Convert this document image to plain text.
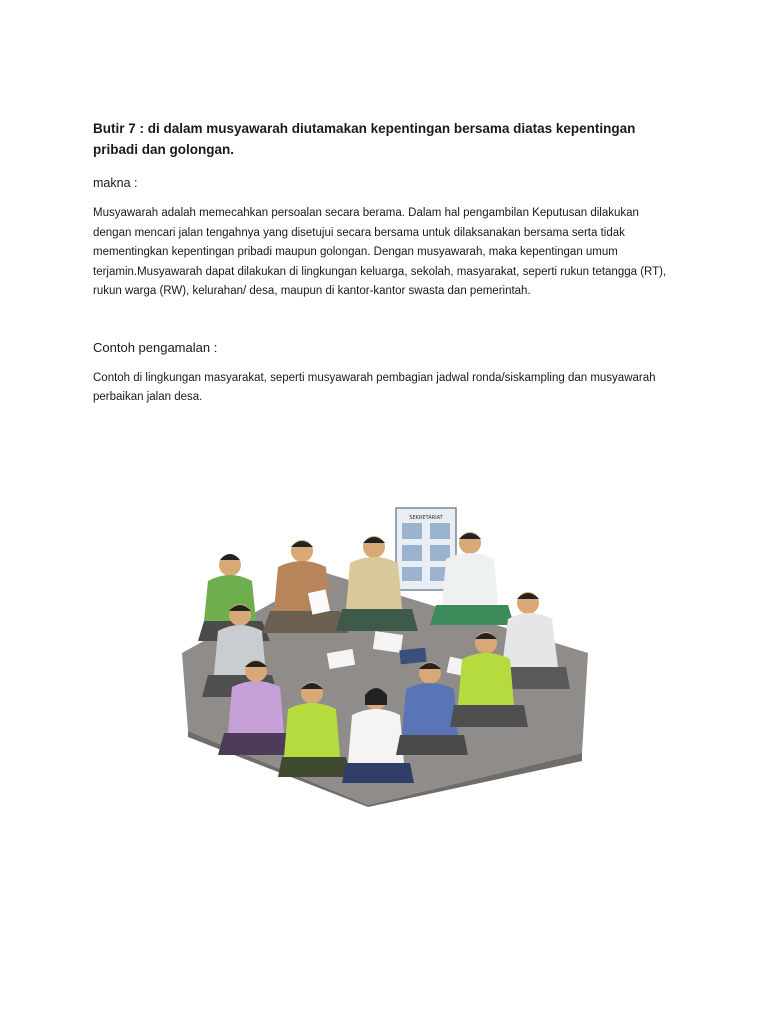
Butir 7 : di dalam musyawarah diutamakan kepentingan bersama diatas kepentingan pribadi dan golongan.

makna :

Musyawarah adalah memecahkan persoalan secara berama. Dalam hal pengambilan Keputusan dilakukan dengan mencari jalan tengahnya yang disetujui secara bersama untuk dilaksanakan bersama serta tidak mementingkan kepentingan pribadi maupun golongan. Dengan musyawarah, maka kepentingan umum terjamin.Musyawarah dapat dilakukan di lingkungan keluarga, sekolah, masyarakat, seperti rukun tetangga (RT), rukun warga (RW), kelurahan/ desa, maupun di kantor-kantor swasta dan pemerintah.

Contoh pengamalan :

Contoh di lingkungan masyarakat, seperti musyawarah pembagian jadwal ronda/siskampling dan musyawarah perbaikan jalan desa.

SEKRETARIAT
